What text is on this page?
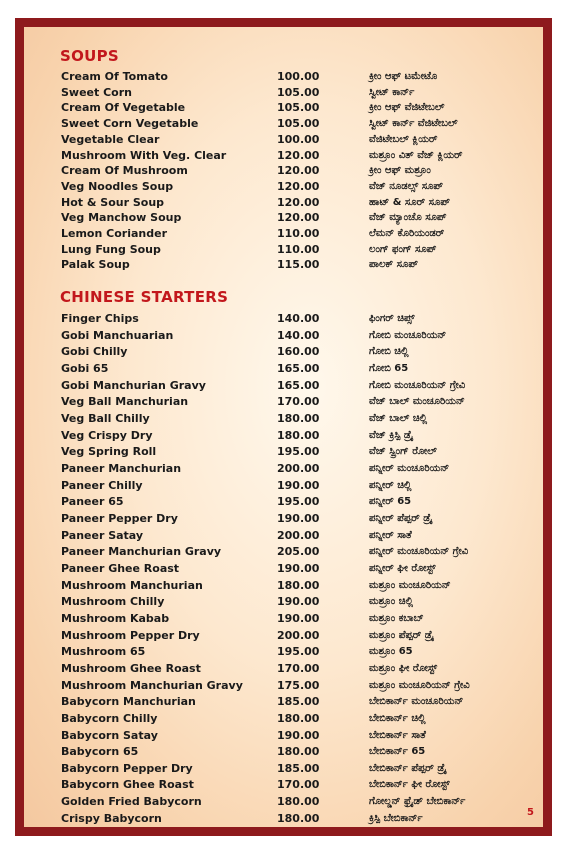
SOUPS
Cream Of Tomato	100.00	ಕ್ರೀಂ ಆಫ್ ಟಮೇಟೊ
Sweet Corn	105.00	ಸ್ವೀಟ್ ಕಾರ್ನ್
Cream Of Vegetable	105.00	ಕ್ರೀಂ ಆಫ್ ವೆಜಿಟೇಬಲ್
Sweet Corn Vegetable	105.00	ಸ್ವೀಟ್ ಕಾರ್ನ್ ವೆಜಿಟೇಬಲ್
Vegetable Clear	100.00	ವೆಜಿಟೇಬಲ್ ಕ್ಲಿಯರ್
Mushroom With Veg. Clear	120.00	ಮಶ್ರೂಂ ವಿತ್ ವೆಜ್ ಕ್ಲಿಯರ್
Cream Of Mushroom	120.00	ಕ್ರೀಂ ಆಫ್ ಮಶ್ರೂಂ
Veg Noodles Soup	120.00	ವೆಜ್ ನೂಡಲ್ಸ್ ಸೂಪ್
Hot & Sour Soup	120.00	ಹಾಟ್ & ಸೂರ್ ಸೂಪ್
Veg Manchow Soup	120.00	ವೆಜ್ ಮ್ಯಾಂಚೊ ಸೂಪ್
Lemon Coriander	110.00	ಲೆಮನ್ ಕೊರಿಯಂಡರ್
Lung Fung Soup	110.00	ಲಂಗ್ ಫಂಗ್ ಸೂಪ್
Palak Soup	115.00	ಪಾಲಕ್ ಸೂಪ್
CHINESE STARTERS
Finger Chips	140.00	ಫಿಂಗರ್ ಚಿಪ್ಸ್
Gobi Manchuarian	140.00	ಗೋಬಿ ಮಂಚೂರಿಯನ್
Gobi Chilly	160.00	ಗೋಬಿ ಚಿಲ್ಲಿ
Gobi 65	165.00	ಗೋಬಿ 65
Gobi Manchurian Gravy	165.00	ಗೋಬಿ ಮಂಚೂರಿಯನ್ ಗ್ರೇವಿ
Veg Ball Manchurian	170.00	ವೆಜ್ ಬಾಲ್ ಮಂಚೂರಿಯನ್
Veg Ball Chilly	180.00	ವೆಜ್ ಬಾಲ್ ಚಿಲ್ಲಿ
Veg Crispy Dry	180.00	ವೆಜ್ ಕ್ರಿಸ್ಪಿ ಡ್ರೈ
Veg Spring Roll	195.00	ವೆಜ್ ಸ್ಪ್ರಿಂಗ್ ರೋಲ್
Paneer Manchurian	200.00	ಪನ್ನೀರ್ ಮಂಚೂರಿಯನ್
Paneer Chilly	190.00	ಪನ್ನೀರ್ ಚಿಲ್ಲಿ
Paneer 65	195.00	ಪನ್ನೀರ್ 65
Paneer Pepper Dry	190.00	ಪನ್ನೀರ್ ಪೆಪ್ಪರ್ ಡ್ರೈ
Paneer Satay	200.00	ಪನ್ನೀರ್ ಸಾತೆ
Paneer Manchurian Gravy	205.00	ಪನ್ನೀರ್ ಮಂಚೂರಿಯನ್ ಗ್ರೇವಿ
Paneer Ghee Roast	190.00	ಪನ್ನೀರ್ ಘೀ ರೋಸ್ಟ್
Mushroom Manchurian	180.00	ಮಶ್ರೂಂ ಮಂಚೂರಿಯನ್
Mushroom Chilly	190.00	ಮಶ್ರೂಂ ಚಿಲ್ಲಿ
Mushroom Kabab	190.00	ಮಶ್ರೂಂ ಕಬಾಬ್
Mushroom Pepper Dry	200.00	ಮಶ್ರೂಂ ಪೆಪ್ಪರ್ ಡ್ರೈ
Mushroom 65	195.00	ಮಶ್ರೂಂ 65
Mushroom Ghee Roast	170.00	ಮಶ್ರೂಂ ಘೀ ರೋಸ್ಟ್
Mushroom Manchurian Gravy	175.00	ಮಶ್ರೂಂ ಮಂಚೂರಿಯನ್ ಗ್ರೇವಿ
Babycorn Manchurian	185.00	ಬೇಬಿಕಾರ್ನ್ ಮಂಚೂರಿಯನ್
Babycorn Chilly	180.00	ಬೇಬಿಕಾರ್ನ್ ಚಿಲ್ಲಿ
Babycorn Satay	190.00	ಬೇಬಿಕಾರ್ನ್ ಸಾತೆ
Babycorn 65	180.00	ಬೇಬಿಕಾರ್ನ್ 65
Babycorn Pepper Dry	185.00	ಬೇಬಿಕಾರ್ನ್ ಪೆಪ್ಪರ್ ಡ್ರೈ
Babycorn Ghee Roast	170.00	ಬೇಬಿಕಾರ್ನ್ ಘೀ ರೋಸ್ಟ್
Golden Fried Babycorn	180.00	ಗೋಲ್ಡನ್ ಫ್ರೈಡ್ ಬೇಬಿಕಾರ್ನ್
Crispy Babycorn	180.00	ಕ್ರಿಸ್ಪಿ ಬೇಬಿಕಾರ್ನ್
5
